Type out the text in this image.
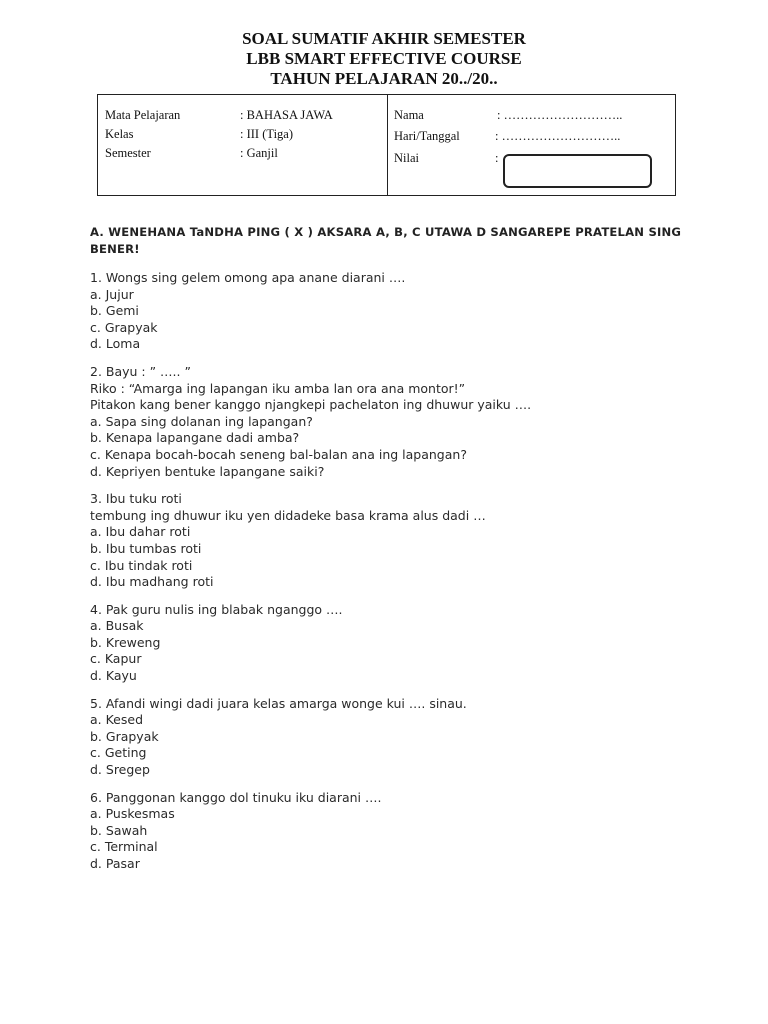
SOAL SUMATIF AKHIR SEMESTER
LBB SMART EFFECTIVE COURSE
TAHUN PELAJARAN 20../20..
Mata Pelajaran	: BAHASA JAWA
Kelas	: III (Tiga)
Semester	: Ganjil
Nama	: ………………………..
Hari/Tanggal	: ………………………..
Nilai	:
A. WENEHANA TaNDHA PING ( X ) AKSARA A, B, C UTAWA D SANGAREPE PRATELAN SING BENER!
1. Wongs sing gelem omong apa anane diarani ….
a. Jujur
b. Gemi
c. Grapyak
d. Loma
2. Bayu : ” ….. ”
Riko : “Amarga ing lapangan iku amba lan ora ana montor!”
Pitakon kang bener kanggo njangkepi pachelaton ing dhuwur yaiku ….
a. Sapa sing dolanan ing lapangan?
b. Kenapa lapangane dadi amba?
c. Kenapa bocah-bocah seneng bal-balan ana ing lapangan?
d. Kepriyen bentuke lapangane saiki?
3. Ibu tuku roti
tembung ing dhuwur iku yen didadeke basa krama alus dadi …
a. Ibu dahar roti
b. Ibu tumbas roti
c. Ibu tindak roti
d. Ibu madhang roti
4. Pak guru nulis ing blabak nganggo ….
a. Busak
b. Kreweng
c. Kapur
d. Kayu
5. Afandi wingi dadi juara kelas amarga wonge kui …. sinau.
a. Kesed
b. Grapyak
c. Geting
d. Sregep
6. Panggonan kanggo dol tinuku iku diarani ….
a. Puskesmas
b. Sawah
c. Terminal
d. Pasar
